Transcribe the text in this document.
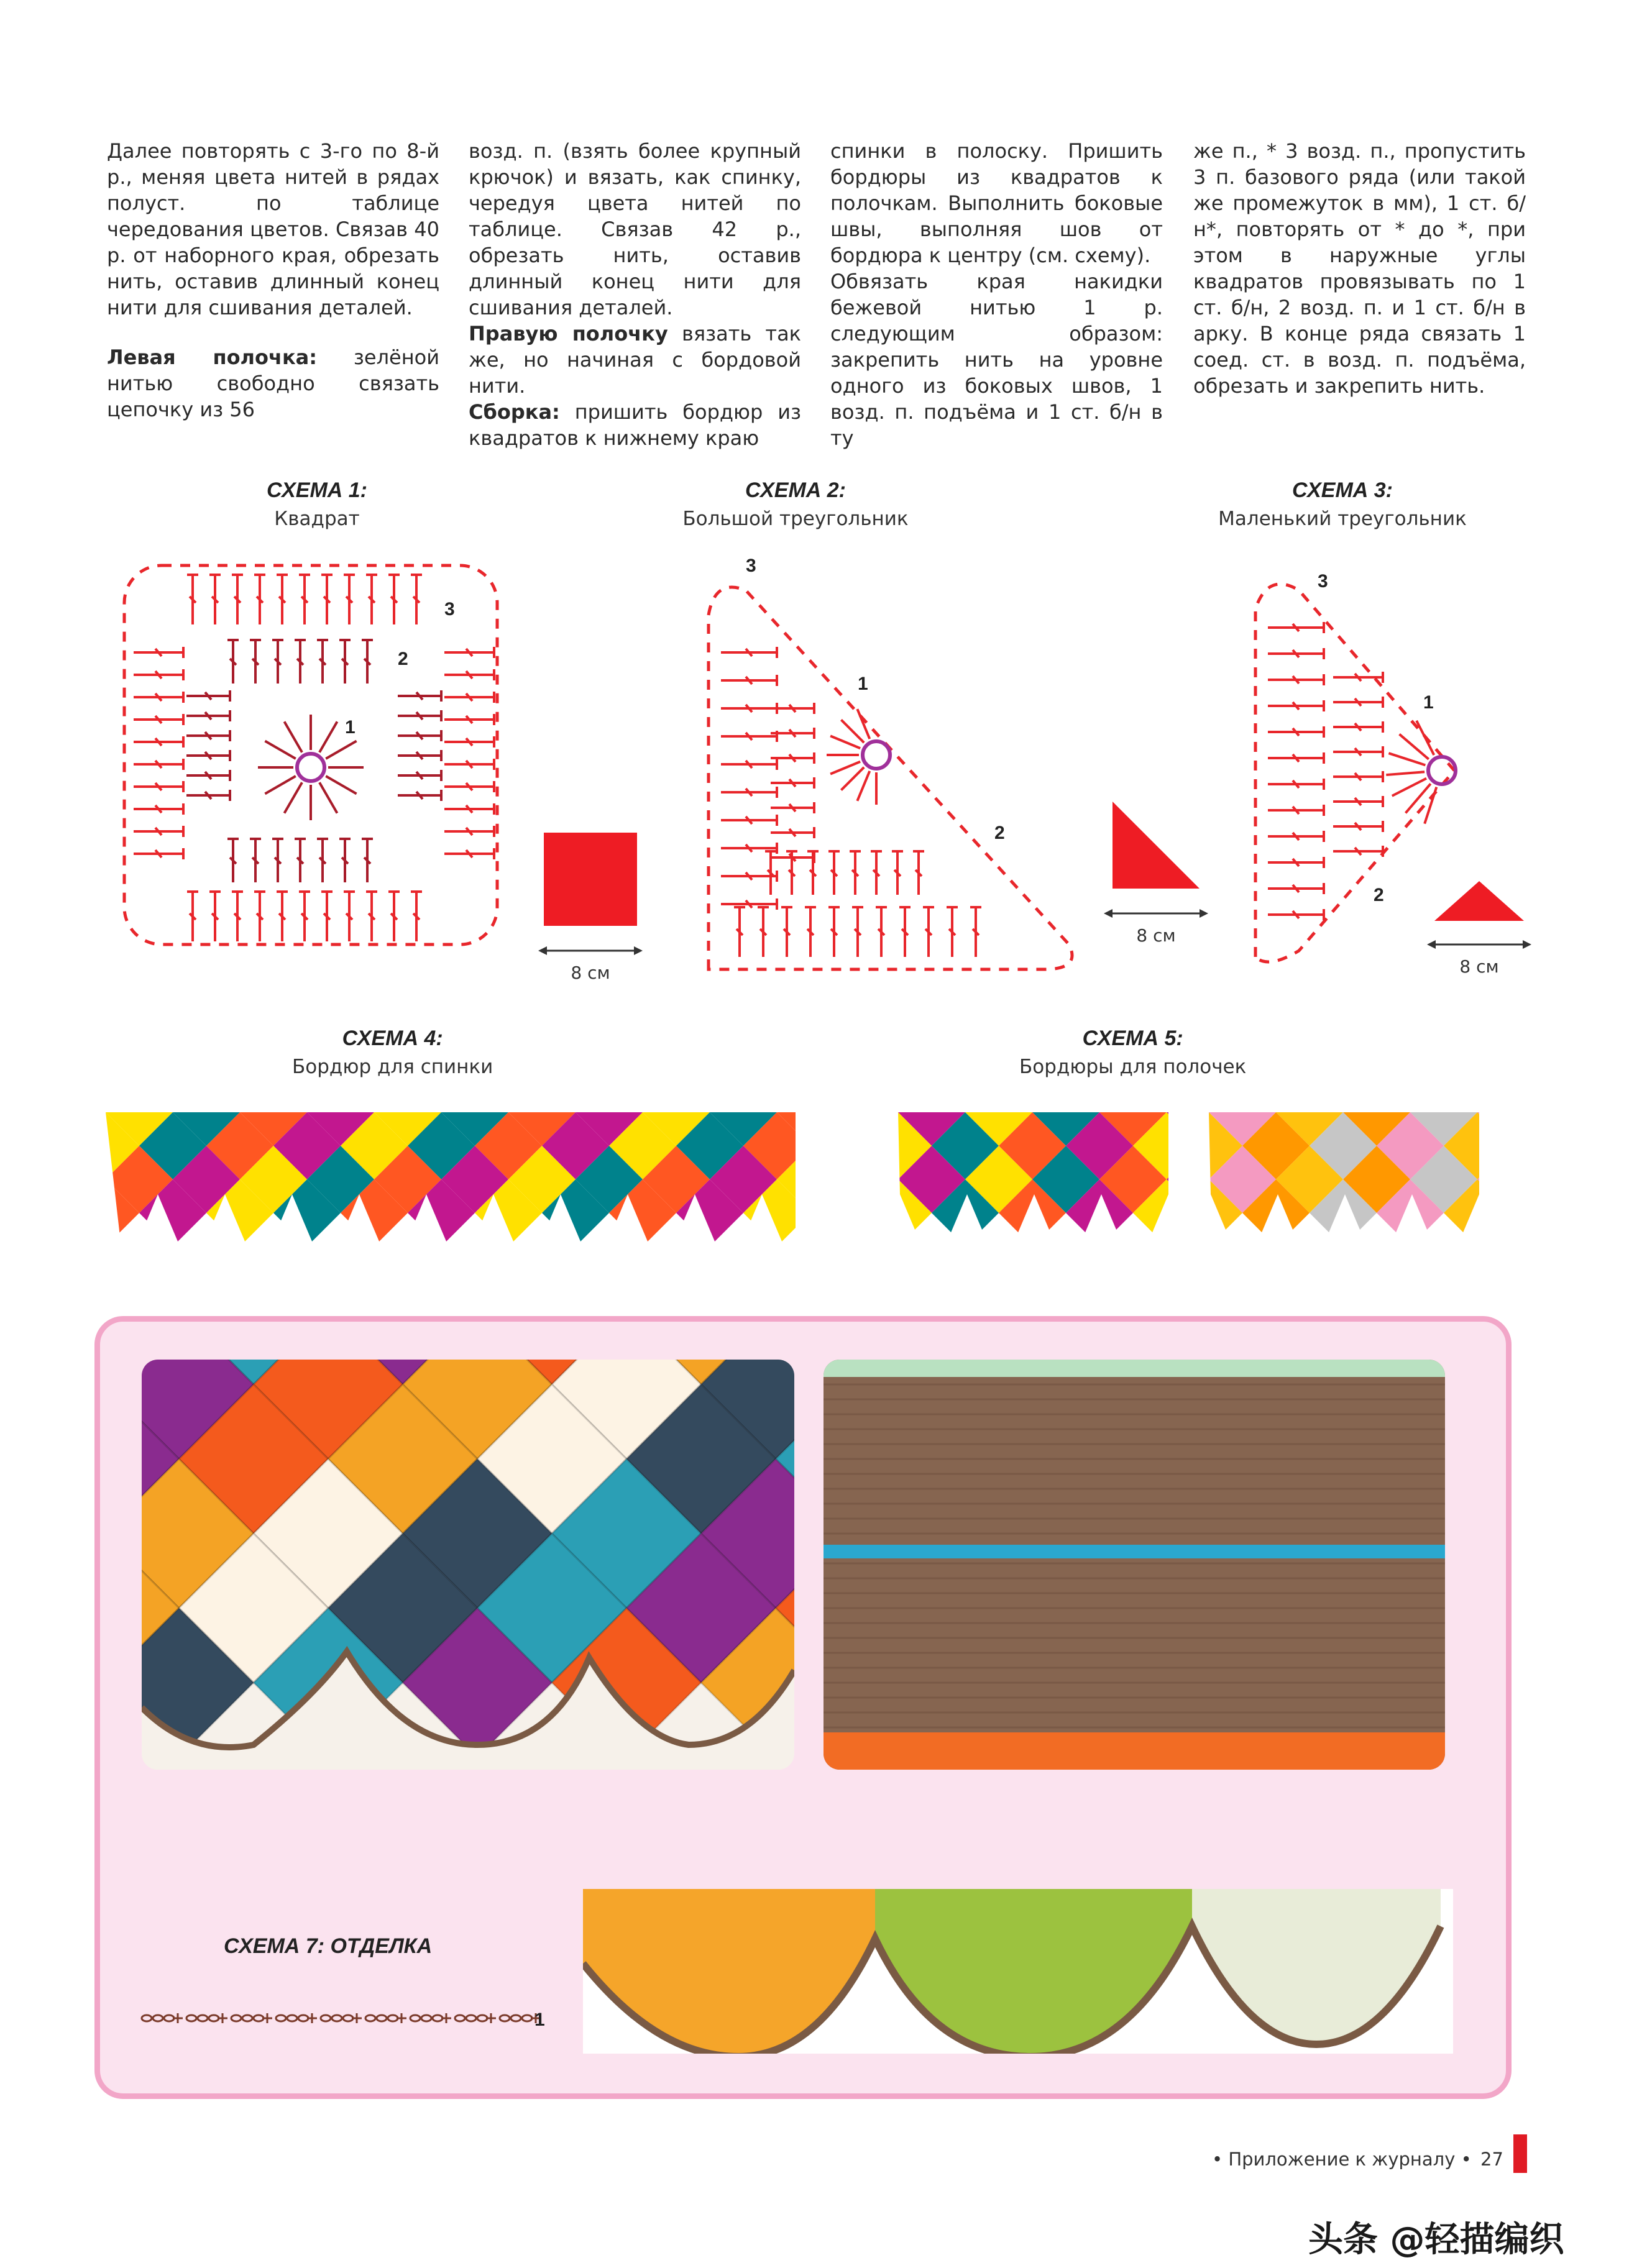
Далее повторять с 3-го по 8-й р., меняя цвета нитей в рядах полуст. по таблице чередования цветов. Связав 40 р. от наборного края, обрезать нить, оставив длинный конец нити для сшивания деталей.

Левая полочка: зелёной нитью свободно связать цепочку из 56

возд. п. (взять более крупный крючок) и вязать, как спинку, чередуя цвета нитей по таблице. Связав 42 р., обрезать нить, оставив длинный конец нити для сшивания деталей.

Правую полочку вязать так же, но начиная с бордовой нити.

Сборка: пришить бордюр из квадратов к нижнему краю

спинки в полоску. Пришить бордюры из квадратов к полочкам. Выполнить боковые швы, выполняя шов от бордюра к центру (см. схему).

Обвязать края накидки бежевой нитью 1 р. следующим образом: закрепить нить на уровне одного из боковых швов, 1 возд. п. подъёма и 1 ст. б/н в ту

же п., * 3 возд. п., пропустить 3 п. базового ряда (или такой же промежуток в мм), 1 ст. б/н*, повторять от * до *, при этом в наружные углы квадратов провязывать по 1 ст. б/н, 2 возд. п. и 1 ст. б/н в арку. В конце ряда связать 1 соед. ст. в возд. п. подъёма, обрезать и закрепить нить.

СХЕМА 1:
Квадрат
СХЕМА 2:
Большой треугольник
СХЕМА 3:
Маленький треугольник
3
2
1
8 см
3
1
2
8 см
3
1
2
8 см
СХЕМА 4:
Бордюр для спинки
СХЕМА 5:
Бордюры для полочек
СХЕМА 7: ОТДЕЛКА
1
• Приложение к журналу • 27
头条 @轻描编织
